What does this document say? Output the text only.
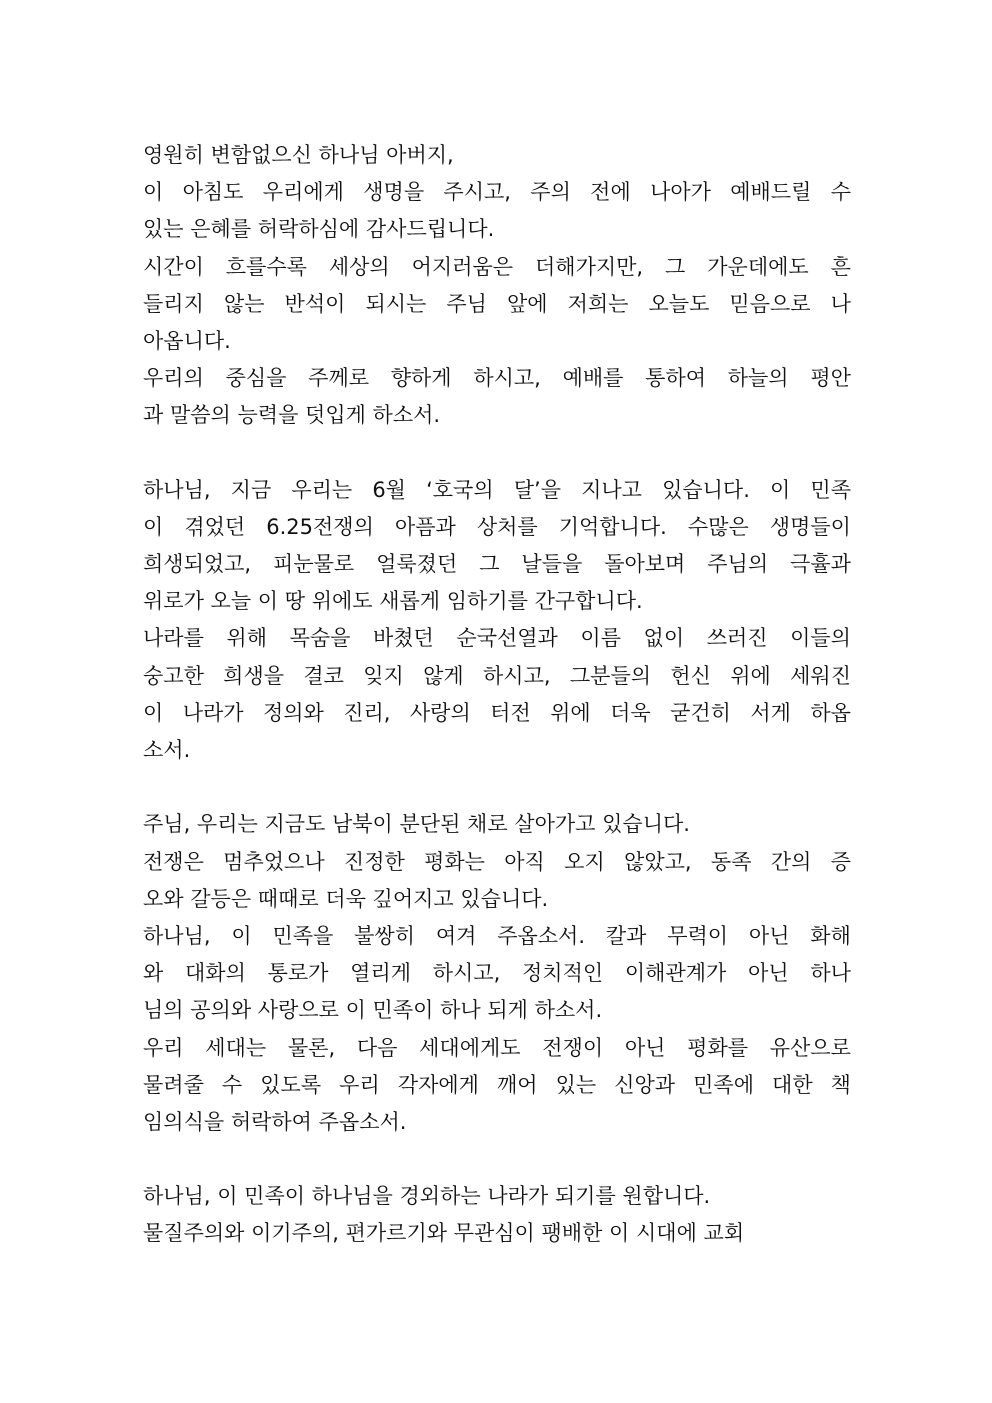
영원히 변함없으신 하나님 아버지,
이 아침도 우리에게 생명을 주시고, 주의 전에 나아가 예배드릴 수
있는 은혜를 허락하심에 감사드립니다.
시간이 흐를수록 세상의 어지러움은 더해가지만, 그 가운데에도 흔
들리지 않는 반석이 되시는 주님 앞에 저희는 오늘도 믿음으로 나
아옵니다.
우리의 중심을 주께로 향하게 하시고, 예배를 통하여 하늘의 평안
과 말씀의 능력을 덧입게 하소서.
하나님, 지금 우리는 6월 ‘호국의 달’을 지나고 있습니다. 이 민족
이 겪었던 6.25전쟁의 아픔과 상처를 기억합니다. 수많은 생명들이
희생되었고, 피눈물로 얼룩졌던 그 날들을 돌아보며 주님의 극휼과
위로가 오늘 이 땅 위에도 새롭게 임하기를 간구합니다.
나라를 위해 목숨을 바쳤던 순국선열과 이름 없이 쓰러진 이들의
숭고한 희생을 결코 잊지 않게 하시고, 그분들의 헌신 위에 세워진
이 나라가 정의와 진리, 사랑의 터전 위에 더욱 굳건히 서게 하옵
소서.
주님, 우리는 지금도 남북이 분단된 채로 살아가고 있습니다.
전쟁은 멈추었으나 진정한 평화는 아직 오지 않았고, 동족 간의 증
오와 갈등은 때때로 더욱 깊어지고 있습니다.
하나님, 이 민족을 불쌍히 여겨 주옵소서. 칼과 무력이 아닌 화해
와 대화의 통로가 열리게 하시고, 정치적인 이해관계가 아닌 하나
님의 공의와 사랑으로 이 민족이 하나 되게 하소서.
우리 세대는 물론, 다음 세대에게도 전쟁이 아닌 평화를 유산으로
물려줄 수 있도록 우리 각자에게 깨어 있는 신앙과 민족에 대한 책
임의식을 허락하여 주옵소서.
하나님, 이 민족이 하나님을 경외하는 나라가 되기를 원합니다.
물질주의와 이기주의, 편가르기와 무관심이 팽배한 이 시대에 교회
